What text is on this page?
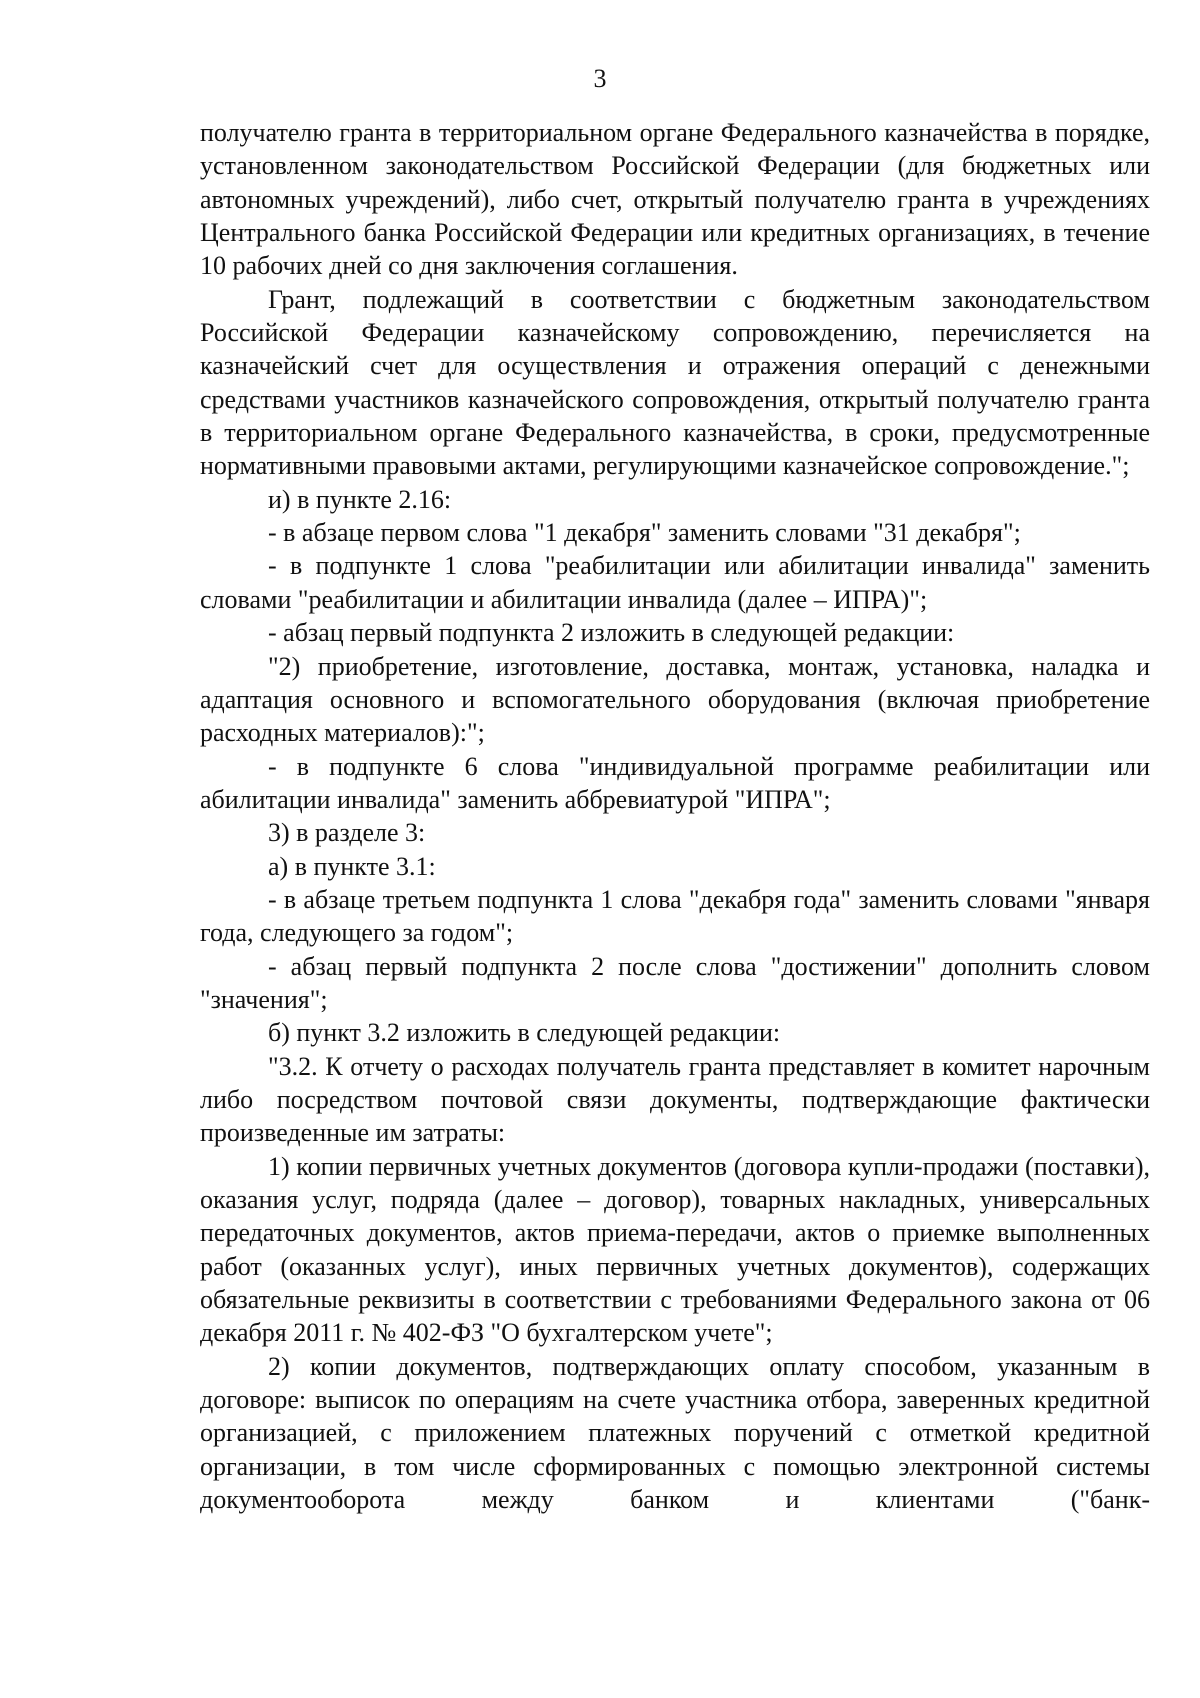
3

получателю гранта в территориальном органе Федерального казначейства в порядке, установленном законодательством Российской Федерации (для бюджетных или автономных учреждений), либо счет, открытый получателю гранта в учреждениях Центрального банка Российской Федерации или кредитных организациях, в течение 10 рабочих дней со дня заключения соглашения.

Грант, подлежащий в соответствии с бюджетным законодательством Российской Федерации казначейскому сопровождению, перечисляется на казначейский счет для осуществления и отражения операций с денежными средствами участников казначейского сопровождения, открытый получателю гранта в территориальном органе Федерального казначейства, в сроки, предусмотренные нормативными правовыми актами, регулирующими казначейское сопровождение.";

и) в пункте 2.16:

- в абзаце первом слова "1 декабря" заменить словами "31 декабря";

- в подпункте 1 слова "реабилитации или абилитации инвалида" заменить словами "реабилитации и абилитации инвалида (далее – ИПРА)";

- абзац первый подпункта 2 изложить в следующей редакции:

"2) приобретение, изготовление, доставка, монтаж, установка, наладка и адаптация основного и вспомогательного оборудования (включая приобретение расходных материалов):";

- в подпункте 6 слова "индивидуальной программе реабилитации или абилитации инвалида" заменить аббревиатурой "ИПРА";

3) в разделе 3:

а) в пункте 3.1:

- в абзаце третьем подпункта 1 слова "декабря года" заменить словами "января года, следующего за годом";

- абзац первый подпункта 2 после слова "достижении" дополнить словом "значения";

б) пункт 3.2 изложить в следующей редакции:

"3.2. К отчету о расходах получатель гранта представляет в комитет нарочным либо посредством почтовой связи документы, подтверждающие фактически произведенные им затраты:

1) копии первичных учетных документов (договора купли-продажи (поставки), оказания услуг, подряда (далее – договор), товарных накладных, универсальных передаточных документов, актов приема-передачи, актов о приемке выполненных работ (оказанных услуг), иных первичных учетных документов), содержащих обязательные реквизиты в соответствии с требованиями Федерального закона от 06 декабря 2011 г. № 402-ФЗ "О бухгалтерском учете";

2) копии документов, подтверждающих оплату способом, указанным в договоре: выписок по операциям на счете участника отбора, заверенных кредитной организацией, с приложением платежных поручений с отметкой кредитной организации, в том числе сформированных с помощью электронной системы документооборота между банком и клиентами ("банк-
